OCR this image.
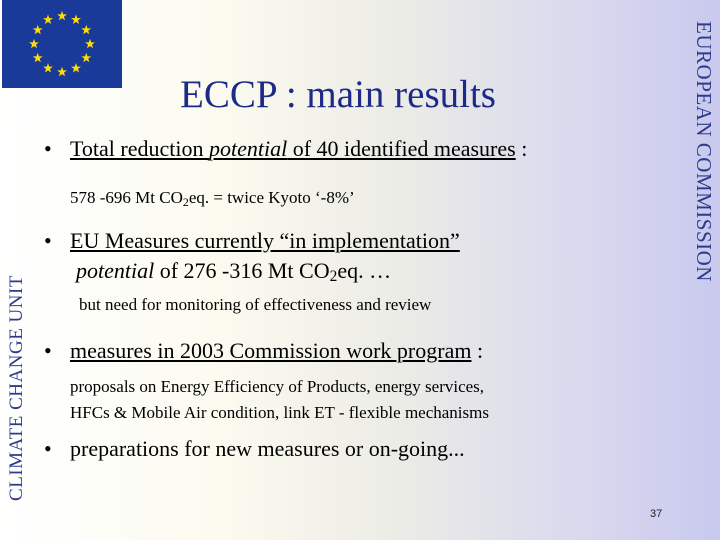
EUROPEAN COMMISSION
CLIMATE CHANGE UNIT
ECCP : main results
• Total reduction potential of 40 identified measures :
578 -696 Mt $CO_2eq$. = twice Kyoto ‘-8%’
• EU Measures currently “in implementation”
potential of 276 -316 Mt $CO_2eq$. …
but need for monitoring of effectiveness and review
• measures in 2003 Commission work program :
proposals on Energy Efficiency of Products, energy services,
HFCs & Mobile Air condition, link ET - flexible mechanisms
• preparations for new measures or on-going...
37
